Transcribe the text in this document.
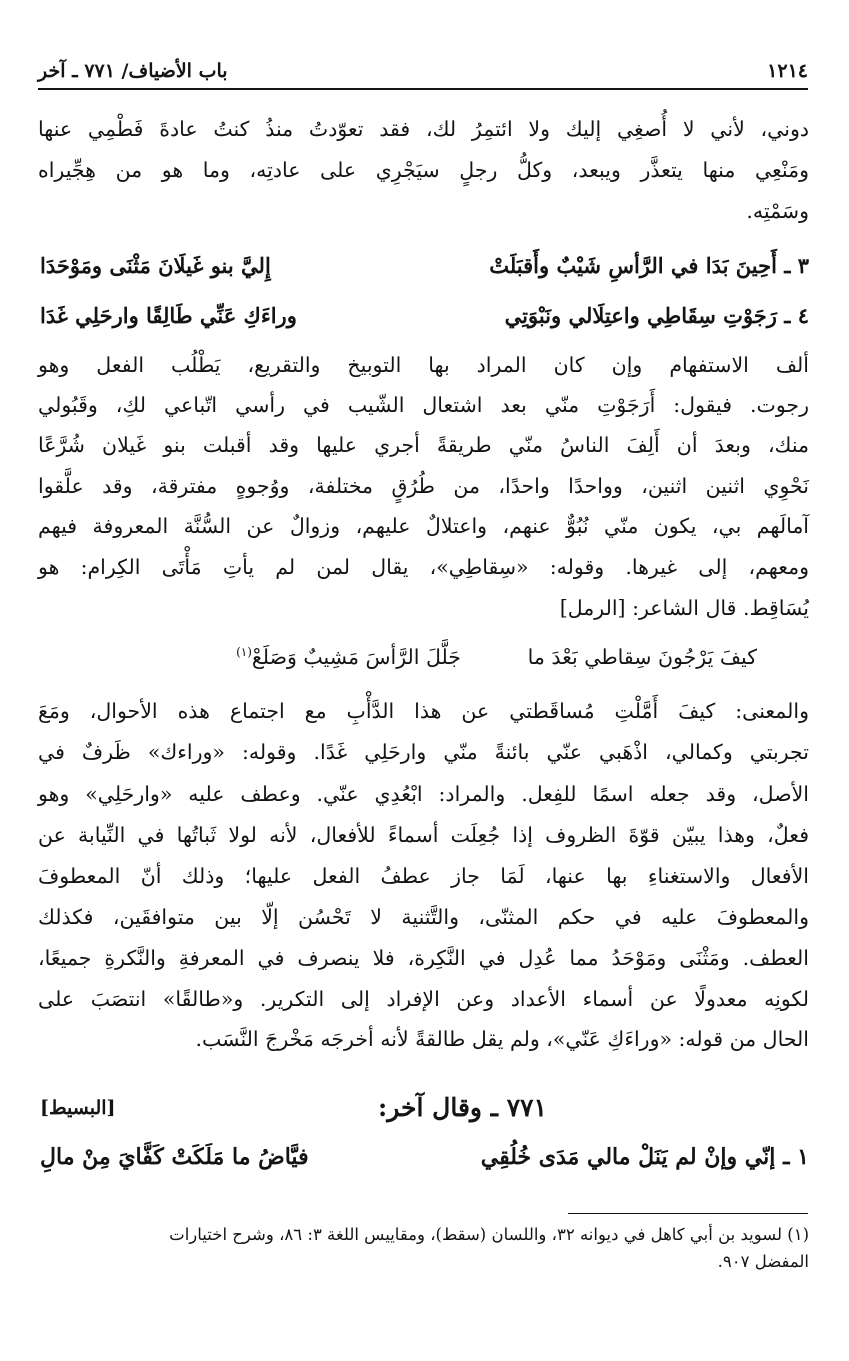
١٢١٤
باب الأضياف/ ٧٧١ ـ آخر
دوني، لأني لا أُصغِي إليك ولا ائتمِرُ لك، فقد تعوّدتُ منذُ كنتُ عادةَ فَطْمِي عنها
ومَنْعِي منها يتعذَّر ويبعد، وكلُّ رجلٍ سيَجْرِي على عادتِه، وما هو من هِجِّيراه
وسَمْتِه.
٣ ـ أَحِينَ بَدَا في الرَّأسِ شَيْبٌ وأَقبَلَتْ
إِليَّ بنو غَيلَانَ مَثْنَى ومَوْحَدَا
٤ ـ رَجَوْتِ سِقَاطِي واعتِلَالي ونَبْوَتِي
وراءَكِ عَنِّي طَالِقًا وارحَلِي غَدَا
ألف الاستفهام وإن كان المراد بها التوبيخ والتقريع، يَطْلُب الفعل وهو
رجوت. فيقول: أَرَجَوْتِ منّي بعد اشتعال الشّيب في رأسي اتّباعي لكِ، وقَبُولي
منك، وبعدَ أن أَلِفَ الناسُ منّي طريقةً أجري عليها وقد أقبلت بنو غَيلان شُرَّعًا
نَحْوِي اثنين اثنين، وواحدًا واحدًا، من طُرُقٍ مختلفة، ووُجوهٍ مفترقة، وقد علَّقوا
آمالَهم بي، يكون منّي نُبُوٌّ عنهم، واعتلالٌ عليهم، وزوالٌ عن السُّنَّة المعروفة فيهم
ومعهم، إلى غيرها. وقوله: «سِقاطِي»، يقال لمن لم يأتِ مَأْتَى الكِرام: هو
يُسَاقِط. قال الشاعر: [الرمل]
كيفَ يَرْجُونَ سِقاطي بَعْدَ ما
جَلَّلَ الرَّأسَ مَشِيبٌ وَصَلَعْ$^{(١)}$
والمعنى: كيفَ أَمَّلْتِ مُساقَطتي عن هذا الدَّأْبِ مع اجتماع هذه الأحوال، ومَعَ
تجربتي وكمالي، اذْهَبي عنّي بائنةً منّي وارحَلِي غَدًا. وقوله: «وراءك» ظَرفٌ في
الأصل، وقد جعله اسمًا للفِعل. والمراد: ابْعُدِي عنّي. وعطف عليه «وارحَلِي» وهو
فعلٌ، وهذا يبيّن قوّةَ الظروف إذا جُعِلَت أسماءً للأفعال، لأنه لولا ثَباتُها في النِّيابة عن
الأفعال والاستغناءِ بها عنها، لَمَا جاز عطفُ الفعل عليها؛ وذلك أنّ المعطوفَ
والمعطوفَ عليه في حكم المثنّى، والتَّثنية لا تَحْسُن إلّا بين متوافقَين، فكذلك
العطف. ومَثْنَى ومَوْحَدُ مما عُدِل في النَّكِرة، فلا ينصرف في المعرفةِ والنَّكرةِ جميعًا،
لكونِه معدولًا عن أسماء الأعداد وعن الإفراد إلى التكرير. و«طالقًا» انتصَبَ على
الحال من قوله: «وراءَكِ عَنّي»، ولم يقل طالقةً لأنه أخرجَه مَخْرجَ النَّسَب.
٧٧١ ـ وقال آخر:
[البسيط]
١ ـ إنّي وإنْ لم يَنَلْ مالي مَدَى خُلُقِي
فيَّاضُ ما مَلَكَتْ كَفَّايَ مِنْ مالِ
(١) لسويد بن أبي كاهل في ديوانه ٣٢، واللسان (سقط)، ومقاييس اللغة ٣: ٨٦، وشرح اختيارات
المفضل ٩٠٧.
